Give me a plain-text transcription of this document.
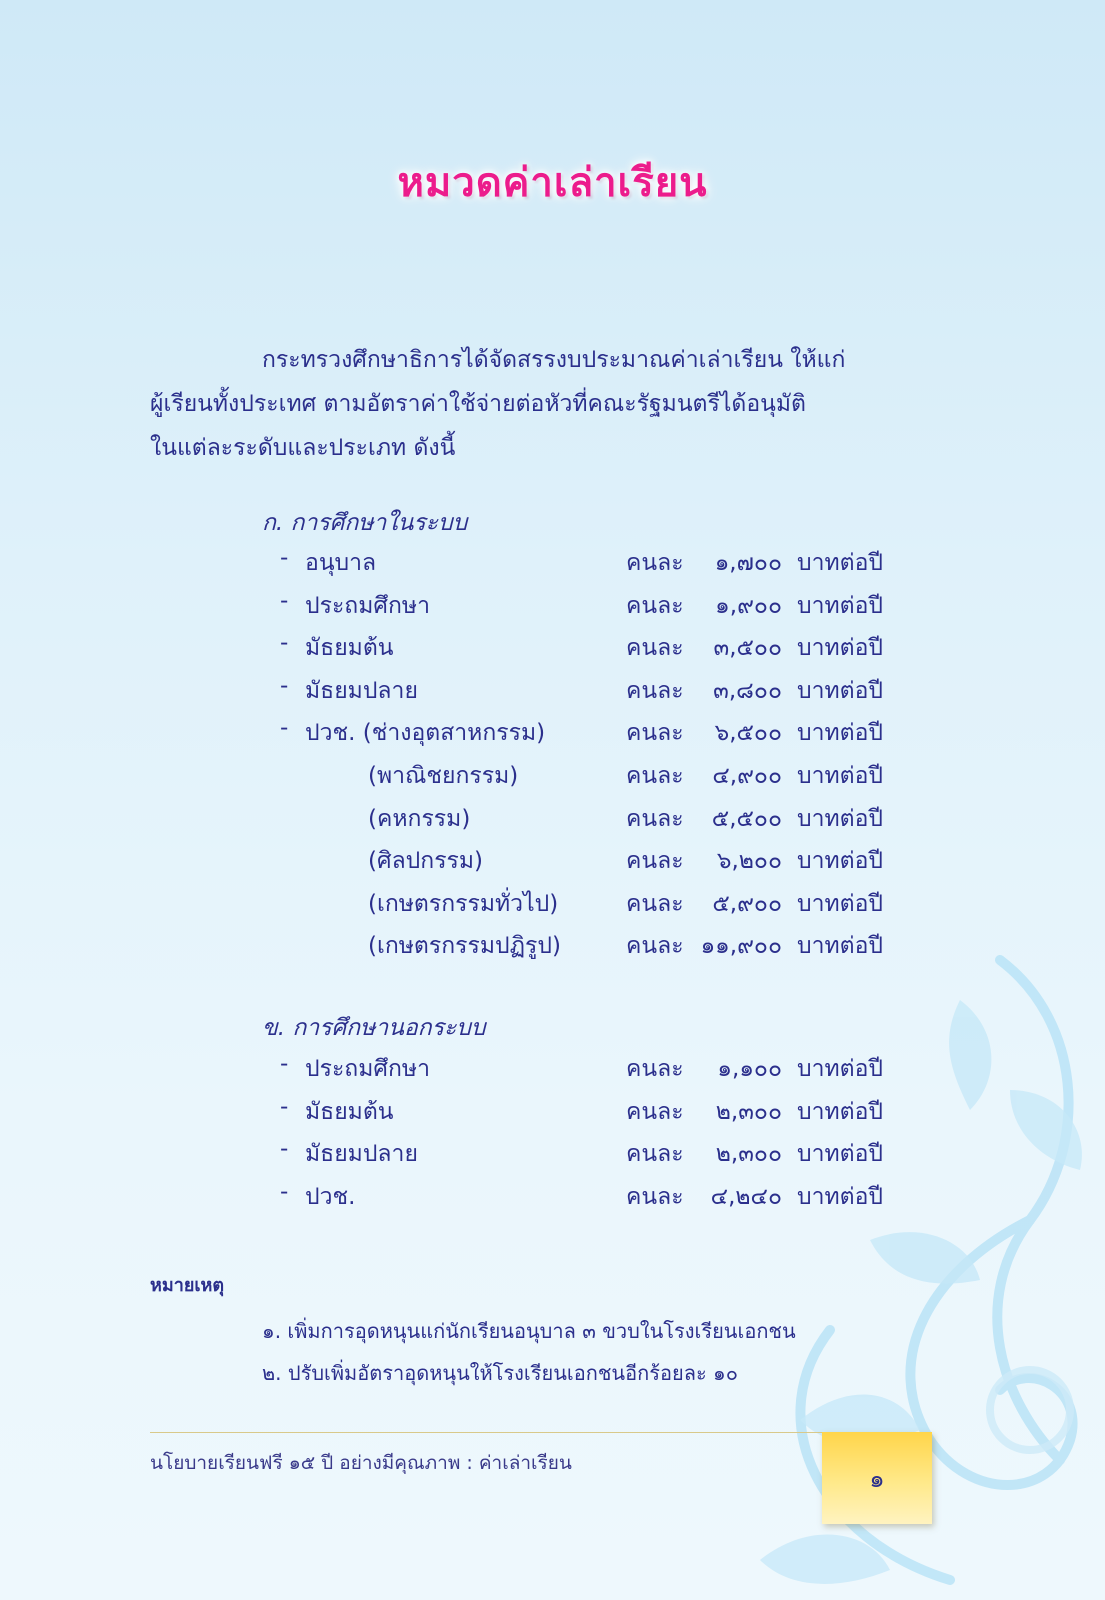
หมวดค่าเล่าเรียน

กระทรวงศึกษาธิการได้จัดสรรงบประมาณค่าเล่าเรียน ให้แก่

ผู้เรียนทั้งประเทศ ตามอัตราค่าใช้จ่ายต่อหัวที่คณะรัฐมนตรีได้อนุมัติ

ในแต่ละระดับและประเภท ดังนี้

ก. การศึกษาในระบบ
- อนุบาล	คนละ	๑,๗๐๐ บาทต่อปี
- ประถมศึกษา	คนละ	๑,๙๐๐ บาทต่อปี
- มัธยมต้น	คนละ	๓,๕๐๐ บาทต่อปี
- มัธยมปลาย	คนละ	๓,๘๐๐ บาทต่อปี
- ปวช. (ช่างอุตสาหกรรม)	คนละ	๖,๕๐๐ บาทต่อปี
(พาณิชยกรรม)	คนละ	๔,๙๐๐ บาทต่อปี
(คหกรรม)	คนละ	๕,๕๐๐ บาทต่อปี
(ศิลปกรรม)	คนละ	๖,๒๐๐ บาทต่อปี
(เกษตรกรรมทั่วไป)	คนละ	๕,๙๐๐ บาทต่อปี
(เกษตรกรรมปฏิรูป)	คนละ ๑๑,๙๐๐ บาทต่อปี
ข. การศึกษานอกระบบ
- ประถมศึกษา	คนละ	๑,๑๐๐ บาทต่อปี
- มัธยมต้น	คนละ	๒,๓๐๐ บาทต่อปี
- มัธยมปลาย	คนละ	๒,๓๐๐ บาทต่อปี
- ปวช.	คนละ	๔,๒๔๐ บาทต่อปี
หมายเหตุ
๑. เพิ่มการอุดหนุนแก่นักเรียนอนุบาล ๓ ขวบในโรงเรียนเอกชน
๒. ปรับเพิ่มอัตราอุดหนุนให้โรงเรียนเอกชนอีกร้อยละ ๑๐
นโยบายเรียนฟรี ๑๕ ปี อย่างมีคุณภาพ : ค่าเล่าเรียน
๑
